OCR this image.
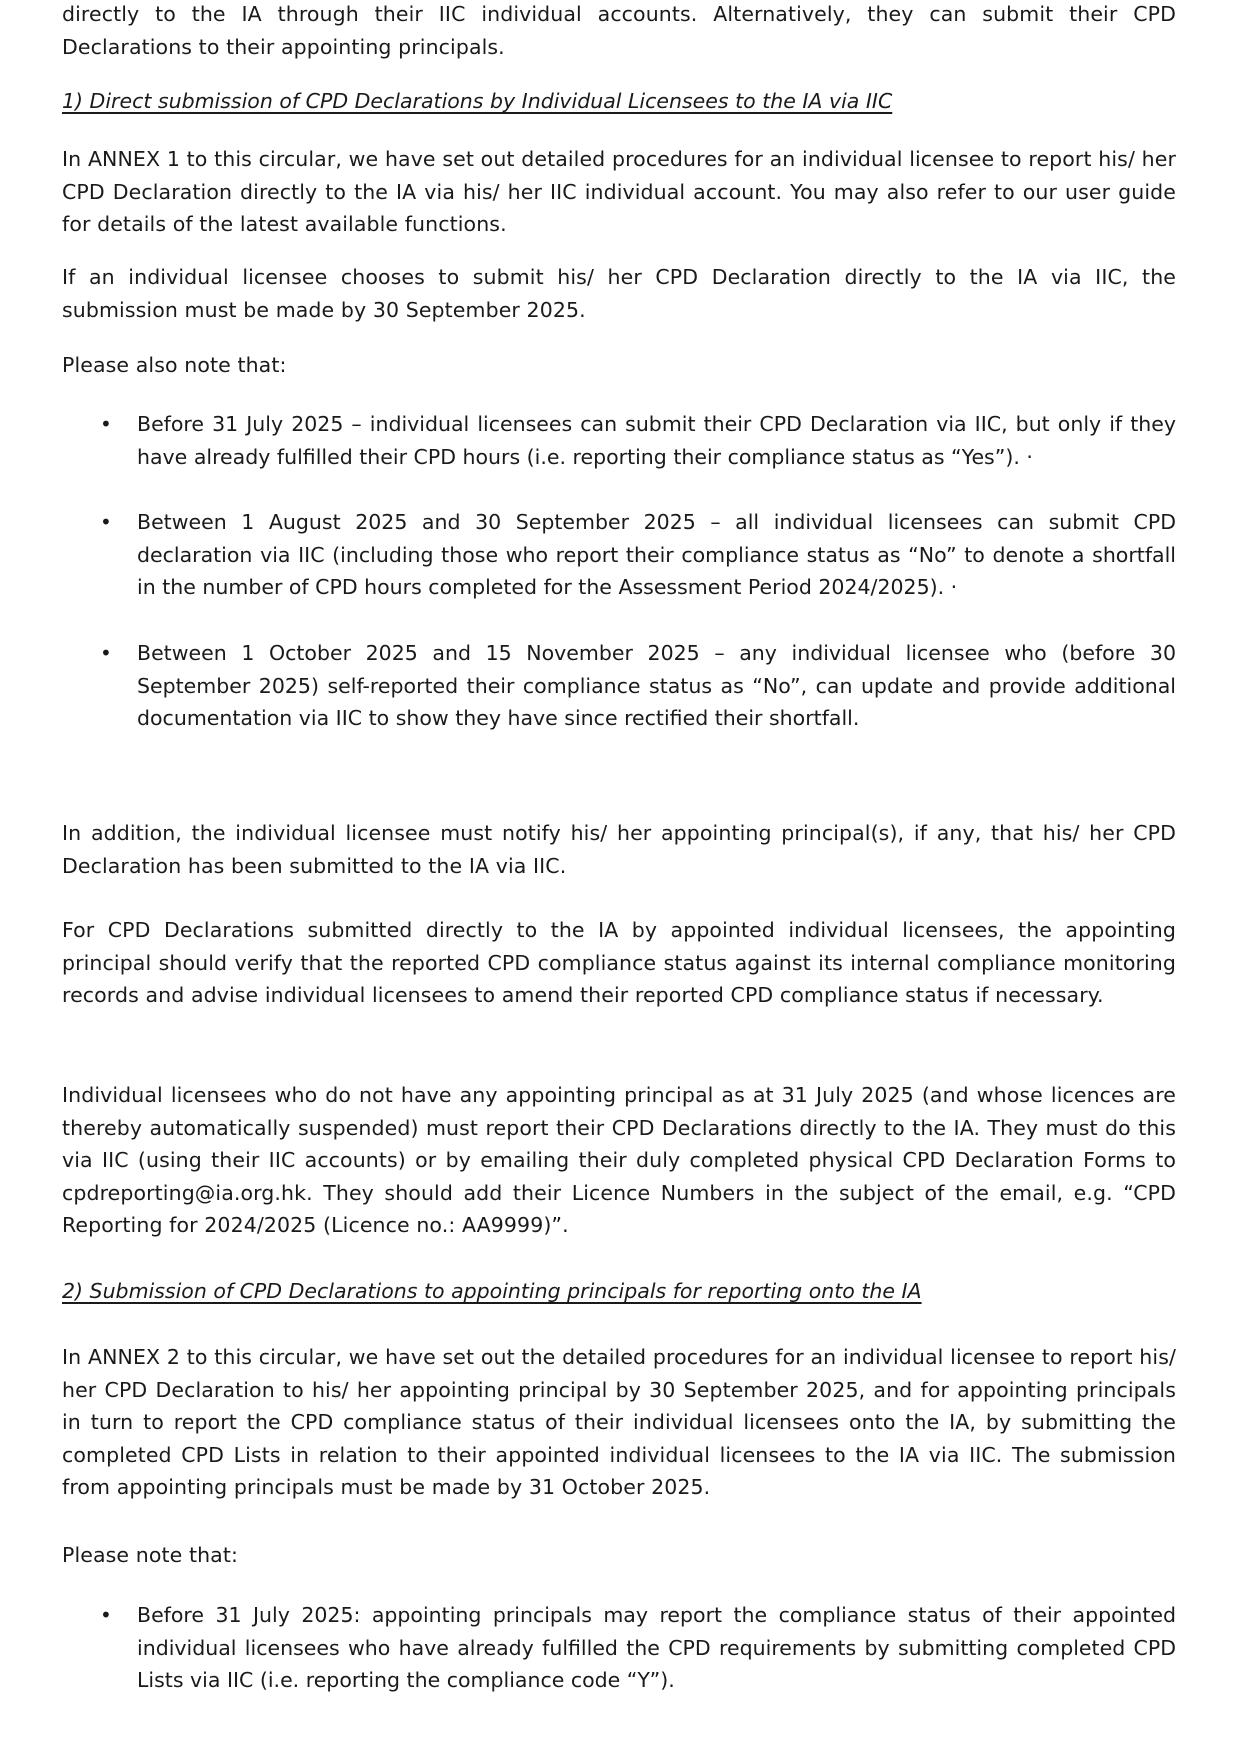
directly to the IA through their IIC individual accounts. Alternatively, they can submit their CPD Declarations to their appointing principals.

1) Direct submission of CPD Declarations by Individual Licensees to the IA via IIC

In ANNEX 1 to this circular, we have set out detailed procedures for an individual licensee to report his/ her CPD Declaration directly to the IA via his/ her IIC individual account. You may also refer to our user guide for details of the latest available functions.

If an individual licensee chooses to submit his/ her CPD Declaration directly to the IA via IIC, the submission must be made by 30 September 2025.

Please also note that:

• Before 31 July 2025 – individual licensees can submit their CPD Declaration via IIC, but only if they have already fulfilled their CPD hours (i.e. reporting their compliance status as “Yes”). ·
• Between 1 August 2025 and 30 September 2025 – all individual licensees can submit CPD declaration via IIC (including those who report their compliance status as “No” to denote a shortfall in the number of CPD hours completed for the Assessment Period 2024/2025). ·
• Between 1 October 2025 and 15 November 2025 – any individual licensee who (before 30 September 2025) self-reported their compliance status as “No”, can update and provide additional documentation via IIC to show they have since rectified their shortfall.

In addition, the individual licensee must notify his/ her appointing principal(s), if any, that his/ her CPD Declaration has been submitted to the IA via IIC.

For CPD Declarations submitted directly to the IA by appointed individual licensees, the appointing principal should verify that the reported CPD compliance status against its internal compliance monitoring records and advise individual licensees to amend their reported CPD compliance status if necessary.

Individual licensees who do not have any appointing principal as at 31 July 2025 (and whose licences are thereby automatically suspended) must report their CPD Declarations directly to the IA. They must do this via IIC (using their IIC accounts) or by emailing their duly completed physical CPD Declaration Forms to cpdreporting@ia.org.hk. They should add their Licence Numbers in the subject of the email, e.g. “CPD Reporting for 2024/2025 (Licence no.: AA9999)”.

2) Submission of CPD Declarations to appointing principals for reporting onto the IA

In ANNEX 2 to this circular, we have set out the detailed procedures for an individual licensee to report his/ her CPD Declaration to his/ her appointing principal by 30 September 2025, and for appointing principals in turn to report the CPD compliance status of their individual licensees onto the IA, by submitting the completed CPD Lists in relation to their appointed individual licensees to the IA via IIC. The submission from appointing principals must be made by 31 October 2025.

Please note that:

• Before 31 July 2025: appointing principals may report the compliance status of their appointed individual licensees who have already fulfilled the CPD requirements by submitting completed CPD Lists via IIC (i.e. reporting the compliance code “Y”).
